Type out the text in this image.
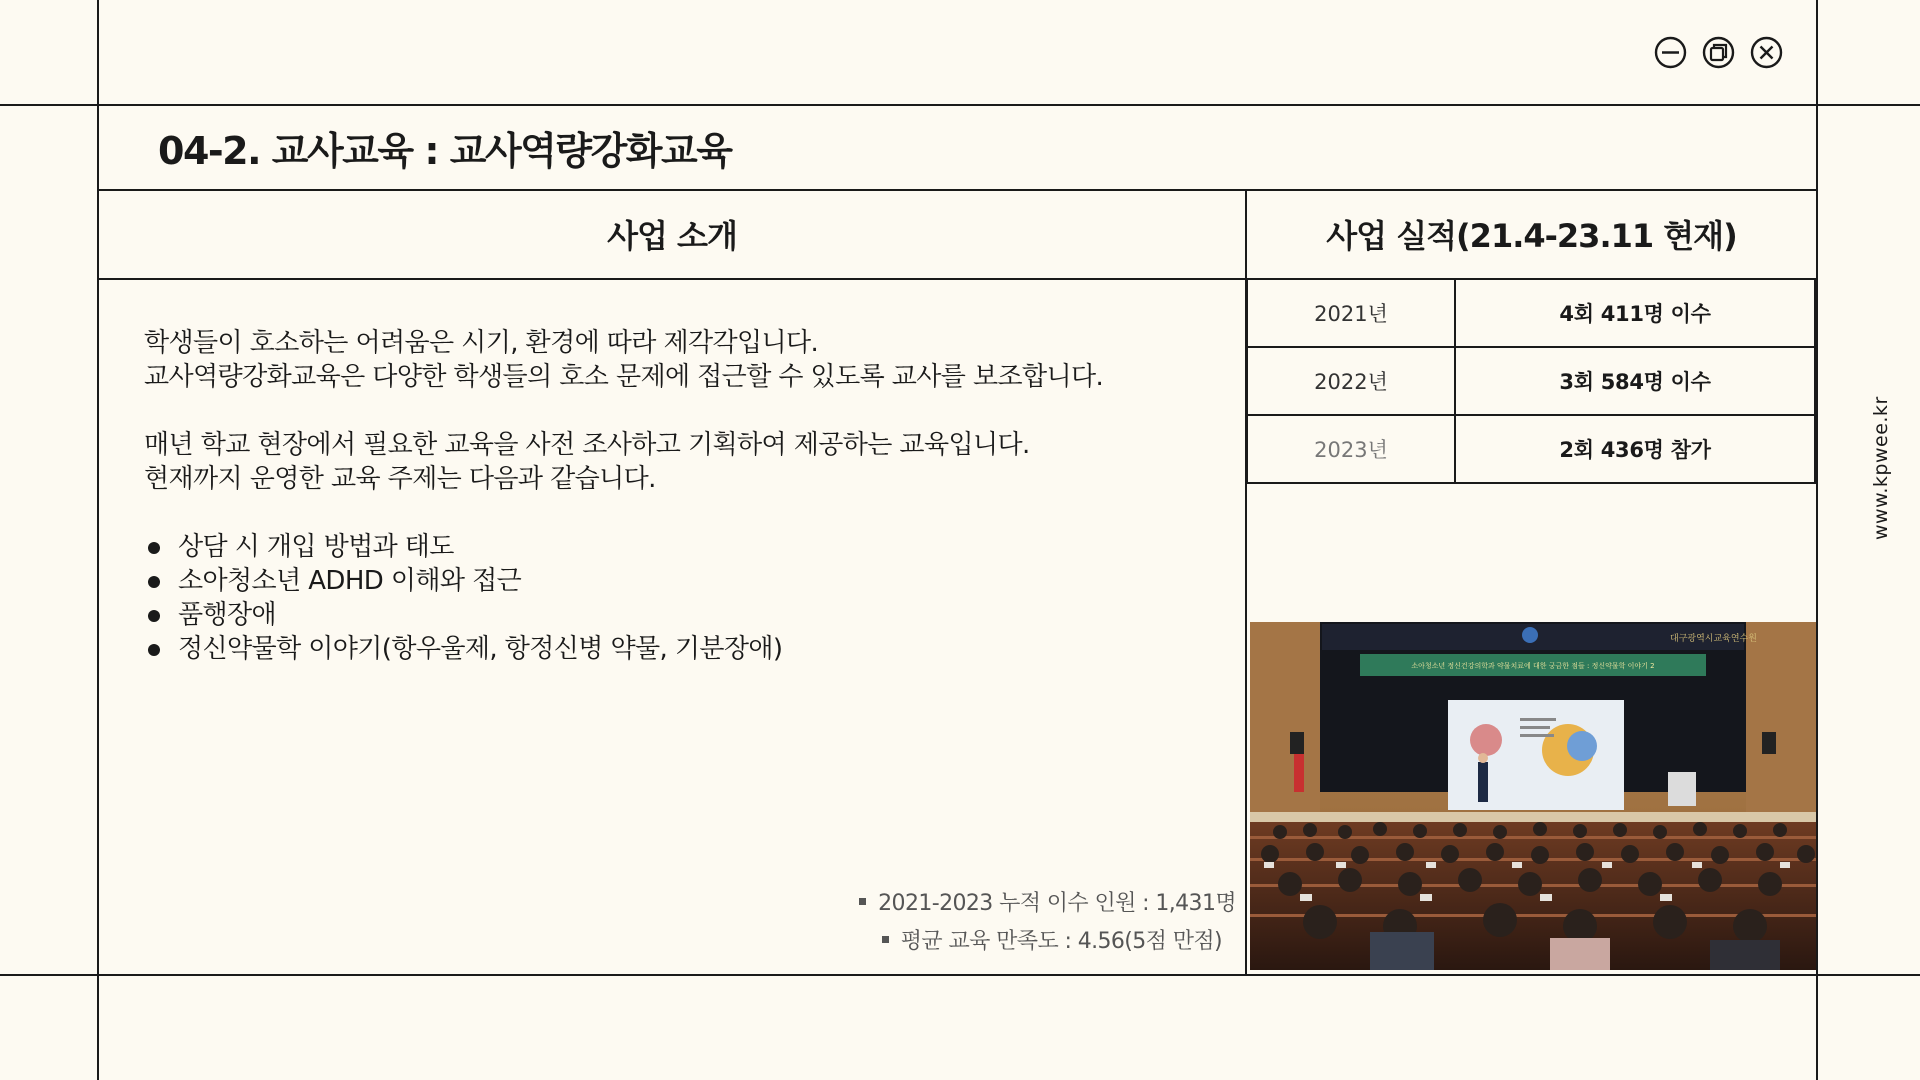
04-2. 교사교육 : 교사역량강화교육
사업 소개	사업 실적(21.4-23.11 현재)

학생들이 호소하는 어려움은 시기, 환경에 따라 제각각입니다.

교사역량강화교육은 다양한 학생들의 호소 문제에 접근할 수 있도록 교사를 보조합니다.

매년 학교 현장에서 필요한 교육을 사전 조사하고 기획하여 제공하는 교육입니다.

현재까지 운영한 교육 주제는 다음과 같습니다.

상담 시 개입 방법과 태도
소아청소년 ADHD 이해와 접근
품행장애
정신약물학 이야기(항우울제, 항정신병 약물, 기분장애)
2021-2023 누적 이수 인원 : 1,431명
평균 교육 만족도 : 4.56(5점 만점)
2021년	4회 411명 이수
2022년	3회 584명 이수
2023년	2회 436명 참가
대구광역시교육연수원
소아청소년 정신건강의학과 약물치료에 대한 궁금한 점들 : 정신약물학 이야기 2
www.kpwee.kr
